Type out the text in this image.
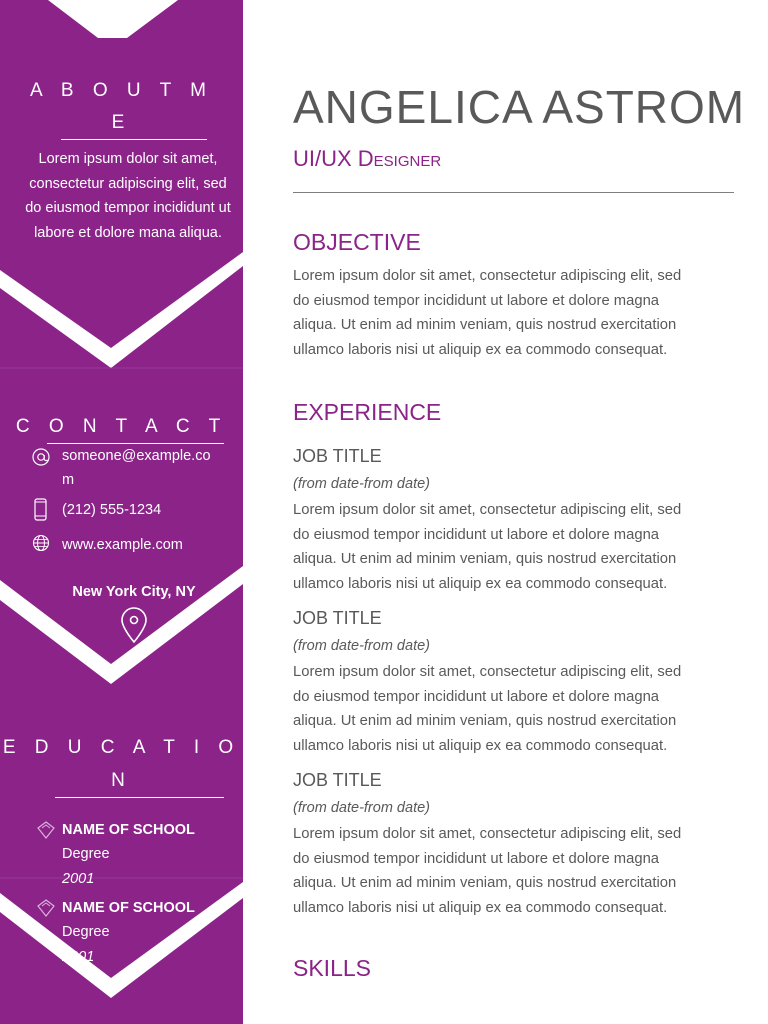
A B O U T M
E
Lorem ipsum dolor sit amet, consectetur adipiscing elit, sed do eiusmod tempor incididunt ut labore et dolore mana aliqua.
C O N T A C T
someone@example.co
m
(212) 555-1234
www.example.com
New York City, NY
E D U C A T I O
N
NAME OF SCHOOL
Degree
2001
NAME OF SCHOOL
Degree
2001
ANGELICA ASTROM
UI/UX Designer
OBJECTIVE
Lorem ipsum dolor sit amet, consectetur adipiscing elit, sed
do eiusmod tempor incididunt ut labore et dolore magna
aliqua. Ut enim ad minim veniam, quis nostrud exercitation
ullamco laboris nisi ut aliquip ex ea commodo consequat.
EXPERIENCE
JOB TITLE
(from date-from date)
Lorem ipsum dolor sit amet, consectetur adipiscing elit, sed
do eiusmod tempor incididunt ut labore et dolore magna
aliqua. Ut enim ad minim veniam, quis nostrud exercitation
ullamco laboris nisi ut aliquip ex ea commodo consequat.
JOB TITLE
(from date-from date)
Lorem ipsum dolor sit amet, consectetur adipiscing elit, sed
do eiusmod tempor incididunt ut labore et dolore magna
aliqua. Ut enim ad minim veniam, quis nostrud exercitation
ullamco laboris nisi ut aliquip ex ea commodo consequat.
JOB TITLE
(from date-from date)
Lorem ipsum dolor sit amet, consectetur adipiscing elit, sed
do eiusmod tempor incididunt ut labore et dolore magna
aliqua. Ut enim ad minim veniam, quis nostrud exercitation
ullamco laboris nisi ut aliquip ex ea commodo consequat.
SKILLS
